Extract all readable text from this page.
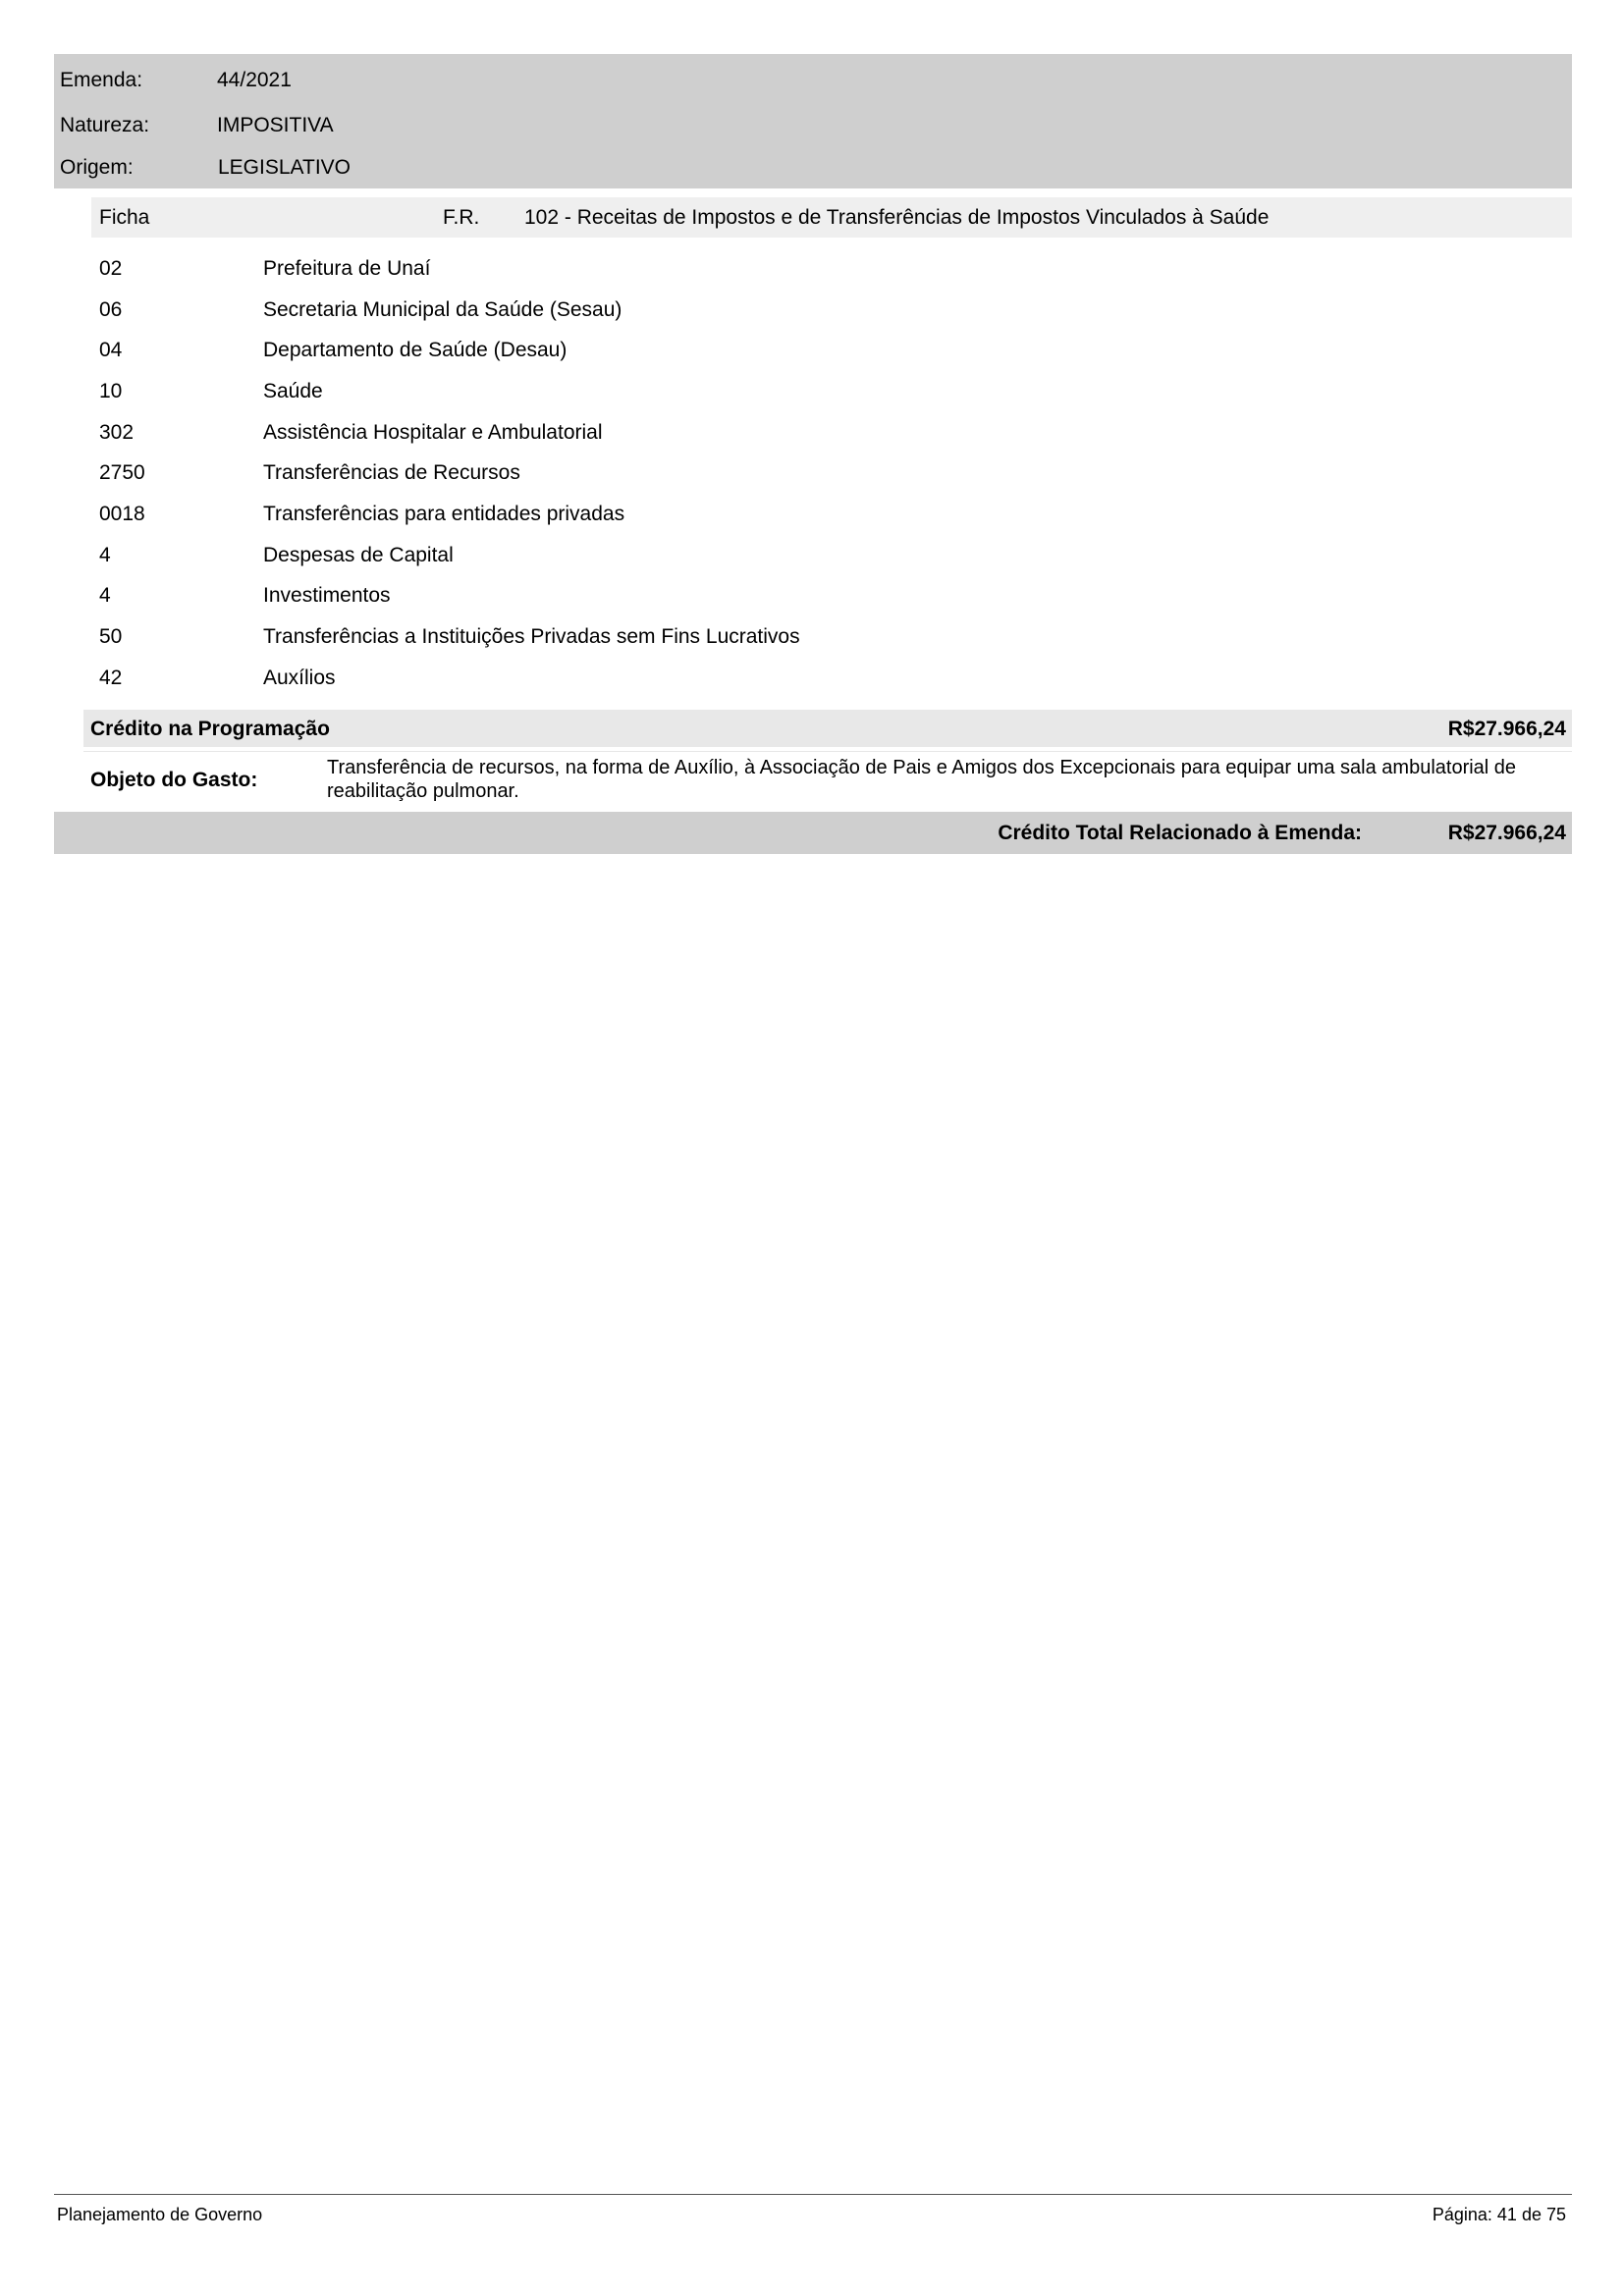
Emenda:	44/2021
Natureza:	IMPOSITIVA
Origem:	LEGISLATIVO
Ficha	F.R. 102 - Receitas de Impostos e de Transferências de Impostos Vinculados à Saúde
02	Prefeitura de Unaí
06	Secretaria Municipal da Saúde (Sesau)
04	Departamento de Saúde (Desau)
10	Saúde
302	Assistência Hospitalar e Ambulatorial
2750	Transferências de Recursos
0018	Transferências para entidades privadas
4	Despesas de Capital
4	Investimentos
50	Transferências a Instituições Privadas sem Fins Lucrativos
42	Auxílios
Crédito na Programação	R$27.966,24
Objeto do Gasto:
Transferência de recursos, na forma de Auxílio, à Associação de Pais e Amigos dos Excepcionais para equipar uma sala ambulatorial de reabilitação pulmonar.
Crédito Total Relacionado à Emenda:	R$27.966,24
Planejamento de Governo	Página: 41 de 75
